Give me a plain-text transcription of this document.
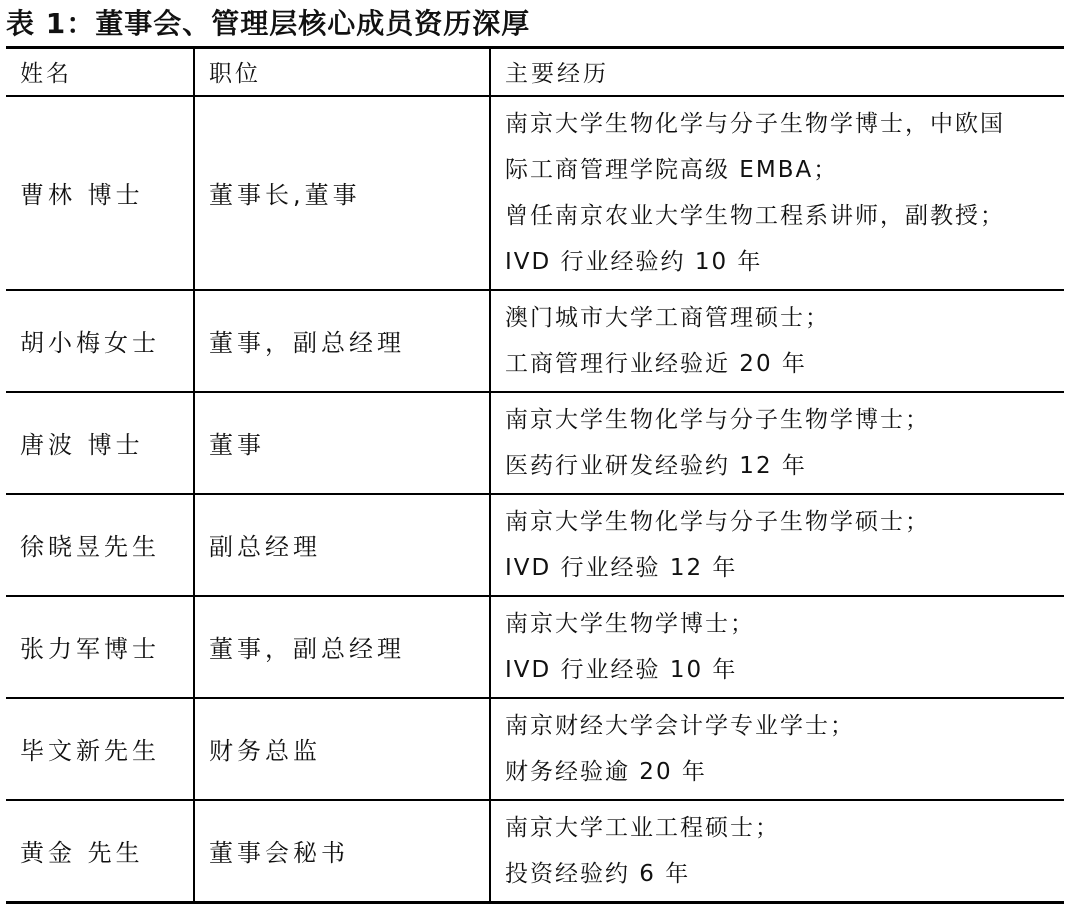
表 1：董事会、管理层核心成员资历深厚
姓名	职位	主要经历

曹林 博士	董事长,董事	南京大学生物化学与分子生物学博士，中欧国
际工商管理学院高级 EMBA；
曾任南京农业大学生物工程系讲师，副教授；
IVD 行业经验约 10 年

胡小梅女士	董事，副总经理	澳门城市大学工商管理硕士；
工商管理行业经验近 20 年

唐波 博士	董事	南京大学生物化学与分子生物学博士；
医药行业研发经验约 12 年

徐晓昱先生	副总经理	南京大学生物化学与分子生物学硕士；
IVD 行业经验 12 年

张力军博士	董事，副总经理	南京大学生物学博士；
IVD 行业经验 10 年

毕文新先生	财务总监	南京财经大学会计学专业学士；
财务经验逾 20 年

黄金 先生	董事会秘书	南京大学工业工程硕士；
投资经验约 6 年
